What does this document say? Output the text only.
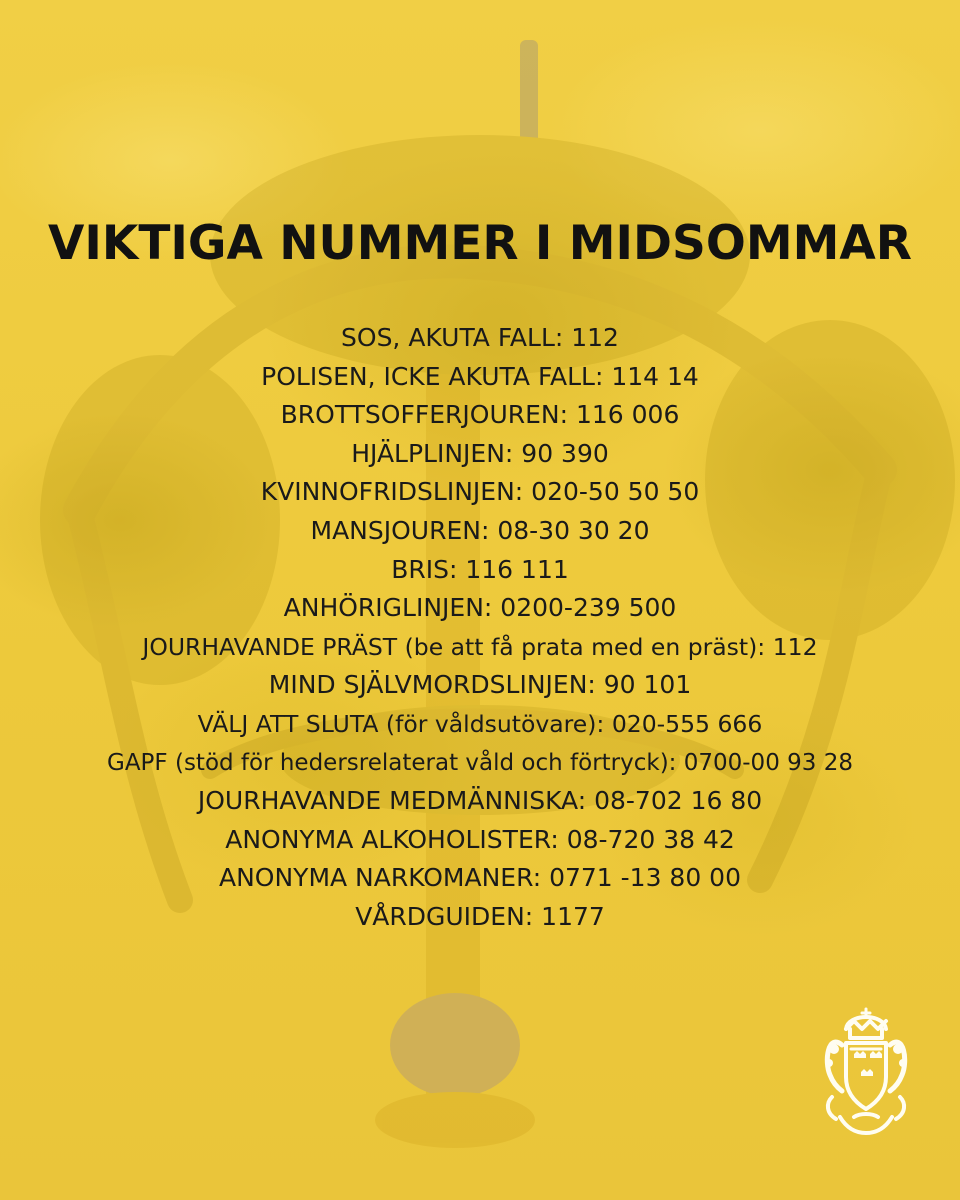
VIKTIGA NUMMER I MIDSOMMAR
SOS, AKUTA FALL: 112
POLISEN, ICKE AKUTA FALL: 114 14
BROTTSOFFERJOUREN: 116 006
HJÄLPLINJEN: 90 390
KVINNOFRIDSLINJEN: 020-50 50 50
MANSJOUREN: 08-30 30 20
BRIS: 116 111
ANHÖRIGLINJEN: 0200-239 500
JOURHAVANDE PRÄST (be att få prata med en präst): 112
MIND SJÄLVMORDSLINJEN: 90 101
VÄLJ ATT SLUTA (för våldsutövare): 020-555 666
GAPF (stöd för hedersrelaterat våld och förtryck): 0700-00 93 28
JOURHAVANDE MEDMÄNNISKA: 08-702 16 80
ANONYMA ALKOHOLISTER: 08-720 38 42
ANONYMA NARKOMANER: 0771 -13 80 00
VÅRDGUIDEN: 1177
